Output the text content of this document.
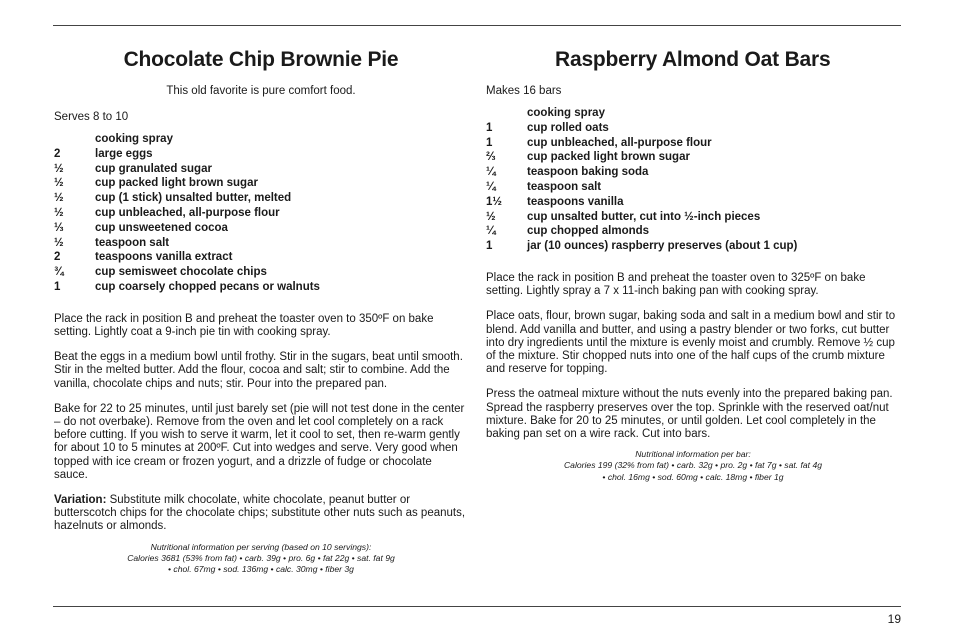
Chocolate Chip Brownie Pie

This old favorite is pure comfort food.

Serves 8 to 10

cooking spray
2	large eggs
½	cup granulated sugar
½	cup packed light brown sugar
½	cup (1 stick) unsalted butter, melted
½	cup unbleached, all-purpose flour
⅓	cup unsweetened cocoa
½	teaspoon salt
2	teaspoons vanilla extract
¾	cup semisweet chocolate chips
1	cup coarsely chopped pecans or walnuts

Place the rack in position B and preheat the toaster oven to 350ºF on bake setting. Lightly coat a 9-inch pie tin with cooking spray.

Beat the eggs in a medium bowl until frothy. Stir in the sugars, beat until smooth. Stir in the melted butter. Add the flour, cocoa and salt; stir to combine. Add the vanilla, chocolate chips and nuts; stir. Pour into the prepared pan.

Bake for 22 to 25 minutes, until just barely set (pie will not test done in the center – do not overbake). Remove from the oven and let cool completely on a rack before cutting. If you wish to serve it warm, let it cool to set, then re-warm gently for about 10 to 5 minutes at 200ºF. Cut into wedges and serve. Very good when topped with ice cream or frozen yogurt, and a drizzle of fudge or chocolate sauce.

Variation: Substitute milk chocolate, white chocolate, peanut butter or butterscotch chips for the chocolate chips; substitute other nuts such as peanuts, hazelnuts or almonds.

Nutritional information per serving (based on 10 servings):
Calories 3681 (53% from fat) • carb. 39g • pro. 6g • fat 22g • sat. fat 9g
• chol. 67mg • sod. 136mg • calc. 30mg • fiber 3g
Raspberry Almond Oat Bars

Makes 16 bars

cooking spray
1	cup rolled oats
1	cup unbleached, all-purpose flour
⅔	cup packed light brown sugar
¼	teaspoon baking soda
¼	teaspoon salt
1½	teaspoons vanilla
½	cup unsalted butter, cut into ½-inch pieces
¼	cup chopped almonds
1	jar (10 ounces) raspberry preserves (about 1 cup)

Place the rack in position B and preheat the toaster oven to 325ºF on bake setting. Lightly spray a 7 x 11-inch baking pan with cooking spray.

Place oats, flour, brown sugar, baking soda and salt in a medium bowl and stir to blend. Add vanilla and butter, and using a pastry blender or two forks, cut butter into dry ingredients until the mixture is evenly moist and crumbly. Remove ½ cup of the mixture. Stir chopped nuts into one of the half cups of the crumb mixture and reserve for topping.

Press the oatmeal mixture without the nuts evenly into the prepared baking pan. Spread the raspberry preserves over the top. Sprinkle with the reserved oat/nut mixture. Bake for 20 to 25 minutes, or until golden. Let cool completely in the baking pan set on a wire rack. Cut into bars.

Nutritional information per bar:
Calories 199 (32% from fat) • carb. 32g • pro. 2g • fat 7g • sat. fat 4g
• chol. 16mg • sod. 60mg • calc. 18mg • fiber 1g
19
